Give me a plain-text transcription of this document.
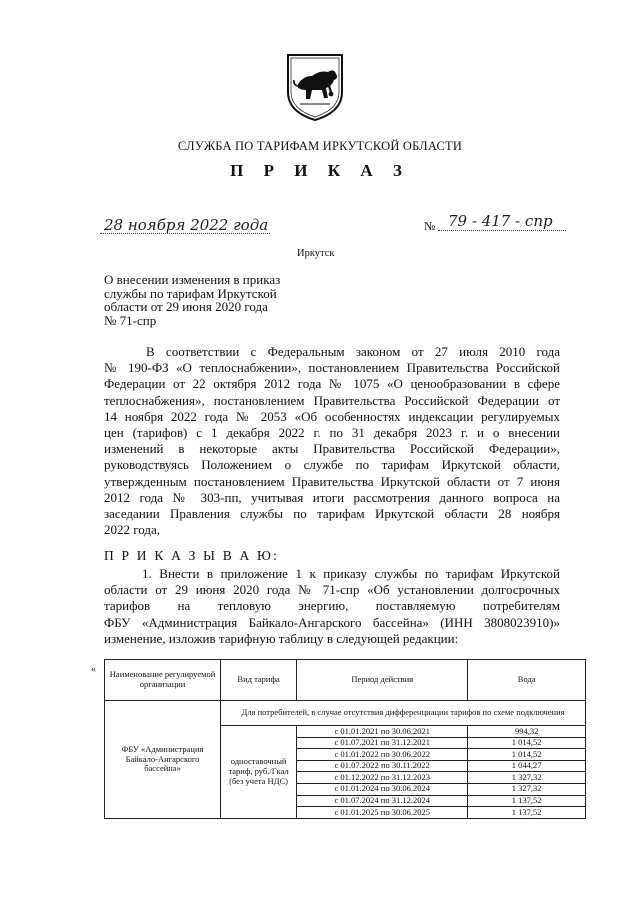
СЛУЖБА ПО ТАРИФАМ ИРКУТСКОЙ ОБЛАСТИ
П Р И К А З
28 ноября 2022 года	№ 79 - 417 - спр
Иркутск
О внесении изменения в приказ
службы по тарифам Иркутской
области от 29 июня 2020 года
№ 71-спр
В соответствии с Федеральным законом от 27 июля 2010 года
№ 190-ФЗ «О теплоснабжении», постановлением Правительства Российской
Федерации от 22 октября 2012 года № 1075 «О ценообразовании в сфере
теплоснабжения», постановлением Правительства Российской Федерации от
14 ноября 2022 года № 2053 «Об особенностях индексации регулируемых
цен (тарифов) с 1 декабря 2022 г. по 31 декабря 2023 г. и о внесении
изменений в некоторые акты Правительства Российской Федерации»,
руководствуясь Положением о службе по тарифам Иркутской области,
утвержденным постановлением Правительства Иркутской области от 7 июня
2012 года № 303-пп, учитывая итоги рассмотрения данного вопроса на
заседании Правления службы по тарифам Иркутской области 28 ноября
2022 года,
П Р И К А З Ы В А Ю:
1. Внести в приложение 1 к приказу службы по тарифам Иркутской
области от 29 июня 2020 года № 71-спр «Об установлении долгосрочных
тарифов на тепловую энергию, поставляемую потребителям
ФБУ «Администрация Байкало-Ангарского бассейна» (ИНН 3808023910)»
изменение, изложив тарифную таблицу в следующей редакции:
« Наименование регулируемой организации	Вид тарифа	Период действия	Вода
ФБУ «Администрация Байкало-Ангарского бассейна»	Для потребителей, в случае отсутствия дифференциации тарифов по схеме подключения		
	одноставочный тариф, руб./Гкал (без учета НДС)	с 01.01.2021 по 30.06.2021	994,32
		с 01.07.2021 по 31.12.2021	1 014,52
		с 01.01.2022 по 30.06.2022	1 014,52
		с 01.07.2022 по 30.11.2022	1 044,27
		с 01.12.2022 по 31.12.2023	1 327,32
		с 01.01.2024 по 30.06.2024	1 327,32
		с 01.07.2024 по 31.12.2024	1 137,52
		с 01.01.2025 по 30.06.2025	1 137,52
